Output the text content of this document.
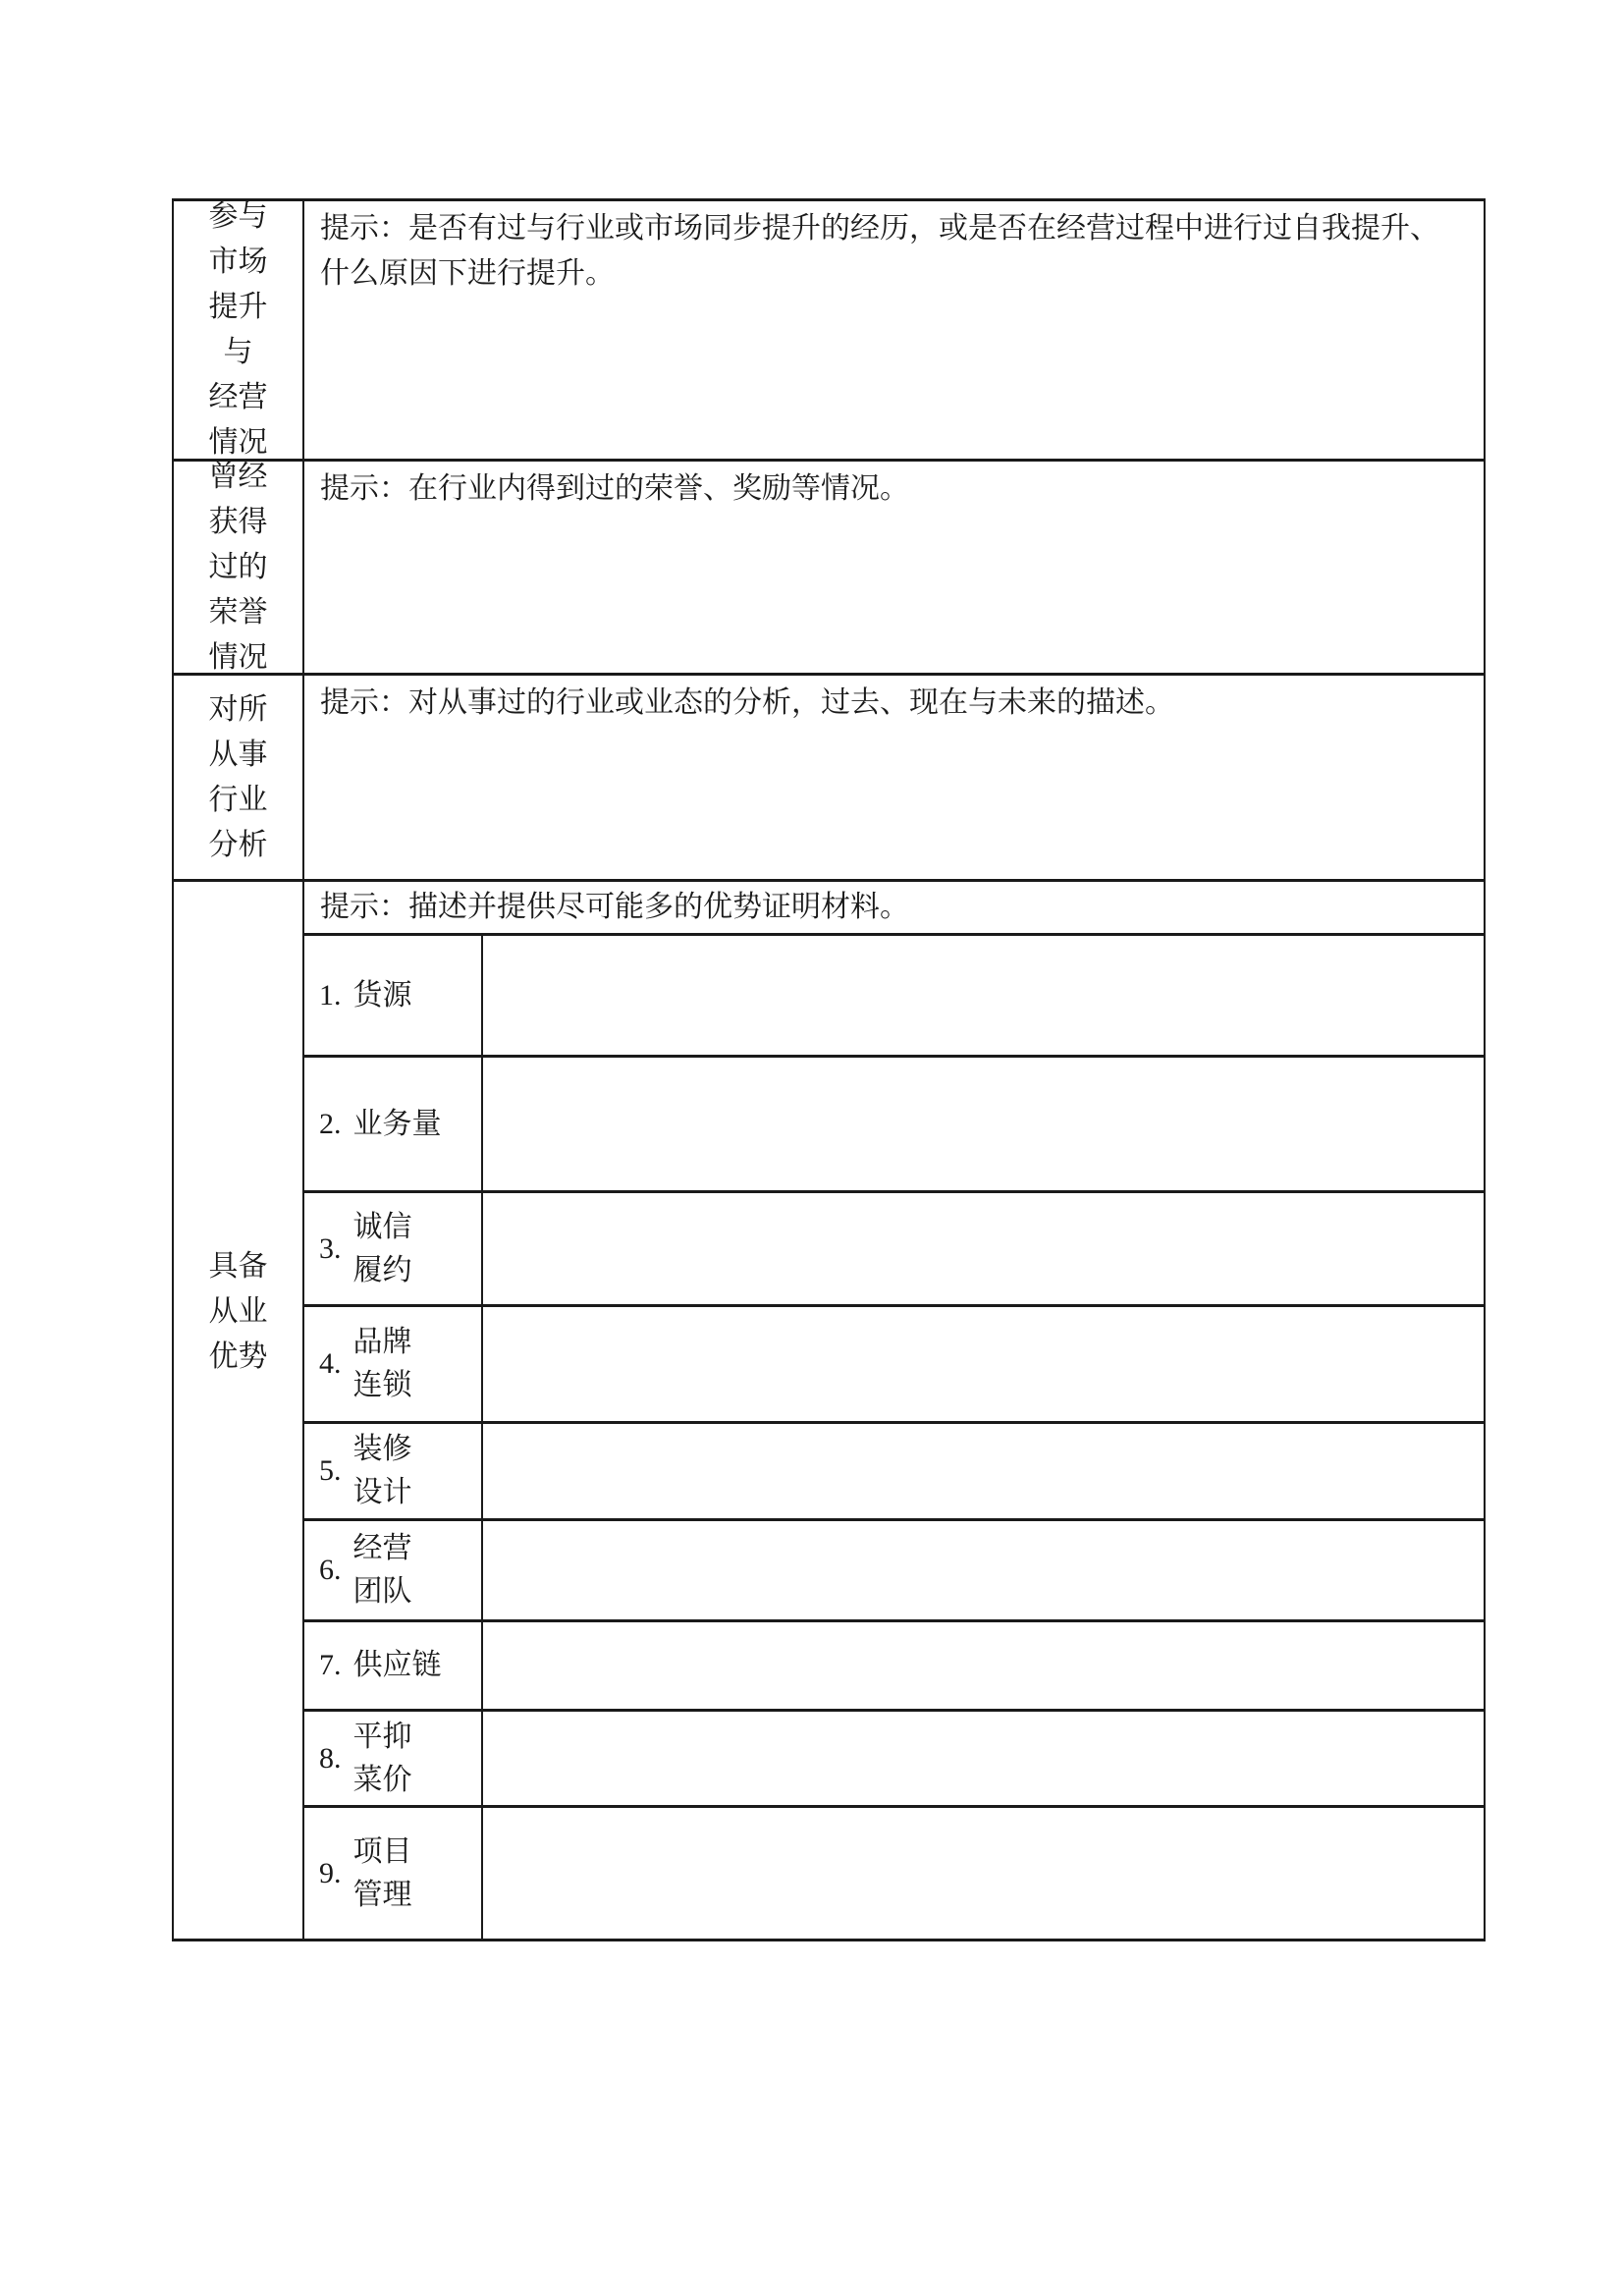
参与
市场
提升
与
经营
情况
提示：是否有过与行业或市场同步提升的经历，或是否在经营过程中进行过自我提升、
什么原因下进行提升。
曾经
获得
过的
荣誉
情况
提示：在行业内得到过的荣誉、奖励等情况。
对所
从事
行业
分析
提示：对从事过的行业或业态的分析，过去、现在与未来的描述。
具备
从业
优势
提示：描述并提供尽可能多的优势证明材料。
1. 货源
2. 业务量
3.
诚信
履约
4.
品牌
连锁
5.
装修
设计
6.
经营
团队
7. 供应链
8.
平抑
菜价
9.
项目
管理
